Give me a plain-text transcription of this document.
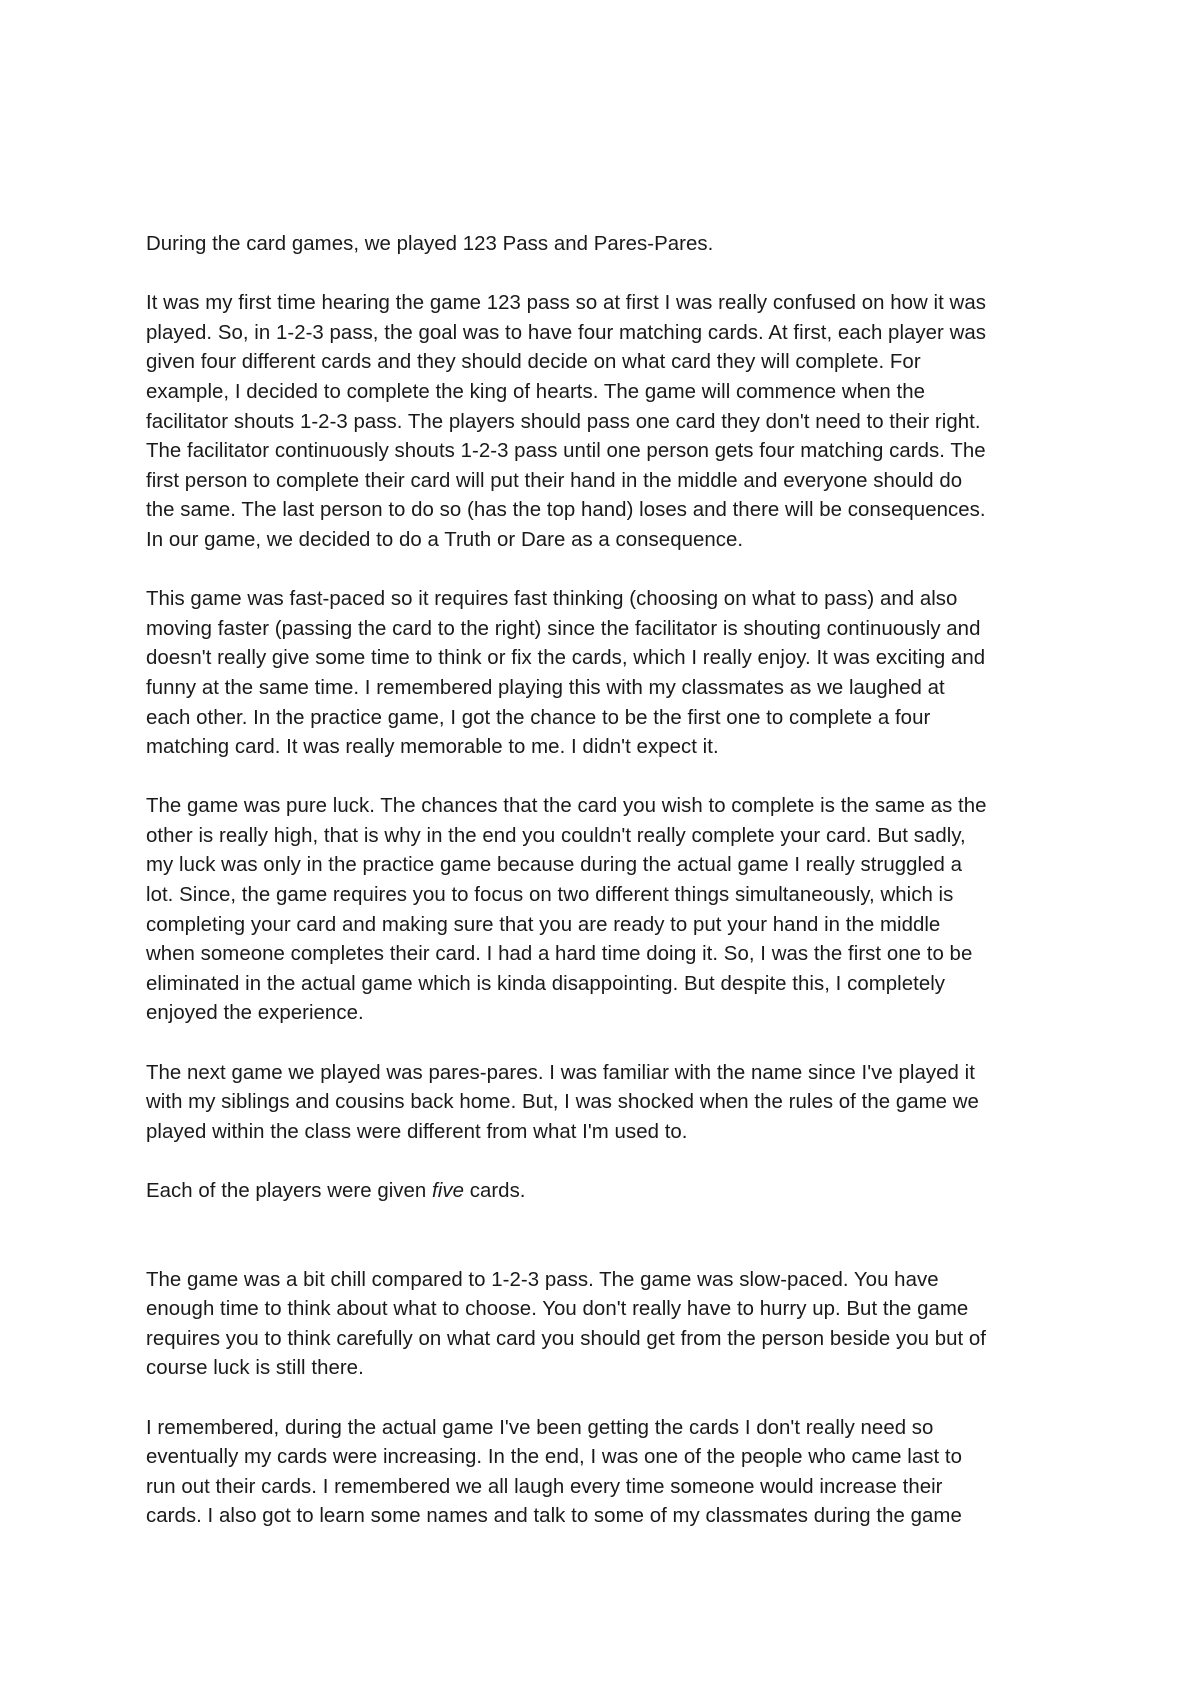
During the card games, we played 123 Pass and Pares-Pares.

It was my first time hearing the game 123 pass so at first I was really confused on how it was
played. So, in 1-2-3 pass, the goal was to have four matching cards. At first, each player was
given four different cards and they should decide on what card they will complete. For
example, I decided to complete the king of hearts. The game will commence when the
facilitator shouts 1-2-3 pass. The players should pass one card they don't need to their right.
The facilitator continuously shouts 1-2-3 pass until one person gets four matching cards. The
first person to complete their card will put their hand in the middle and everyone should do
the same. The last person to do so (has the top hand) loses and there will be consequences.
In our game, we decided to do a Truth or Dare as a consequence.

This game was fast-paced so it requires fast thinking (choosing on what to pass) and also
moving faster (passing the card to the right) since the facilitator is shouting continuously and
doesn't really give some time to think or fix the cards, which I really enjoy. It was exciting and
funny at the same time. I remembered playing this with my classmates as we laughed at
each other. In the practice game, I got the chance to be the first one to complete a four
matching card. It was really memorable to me. I didn't expect it.

The game was pure luck. The chances that the card you wish to complete is the same as the
other is really high, that is why in the end you couldn't really complete your card. But sadly,
my luck was only in the practice game because during the actual game I really struggled a
lot. Since, the game requires you to focus on two different things simultaneously, which is
completing your card and making sure that you are ready to put your hand in the middle
when someone completes their card. I had a hard time doing it. So, I was the first one to be
eliminated in the actual game which is kinda disappointing. But despite this, I completely
enjoyed the experience.

The next game we played was pares-pares. I was familiar with the name since I've played it
with my siblings and cousins back home. But, I was shocked when the rules of the game we
played within the class were different from what I'm used to.

Each of the players were given five cards.

The game was a bit chill compared to 1-2-3 pass. The game was slow-paced. You have
enough time to think about what to choose. You don't really have to hurry up. But the game
requires you to think carefully on what card you should get from the person beside you but of
course luck is still there.

I remembered, during the actual game I've been getting the cards I don't really need so
eventually my cards were increasing. In the end, I was one of the people who came last to
run out their cards. I remembered we all laugh every time someone would increase their
cards. I also got to learn some names and talk to some of my classmates during the game
